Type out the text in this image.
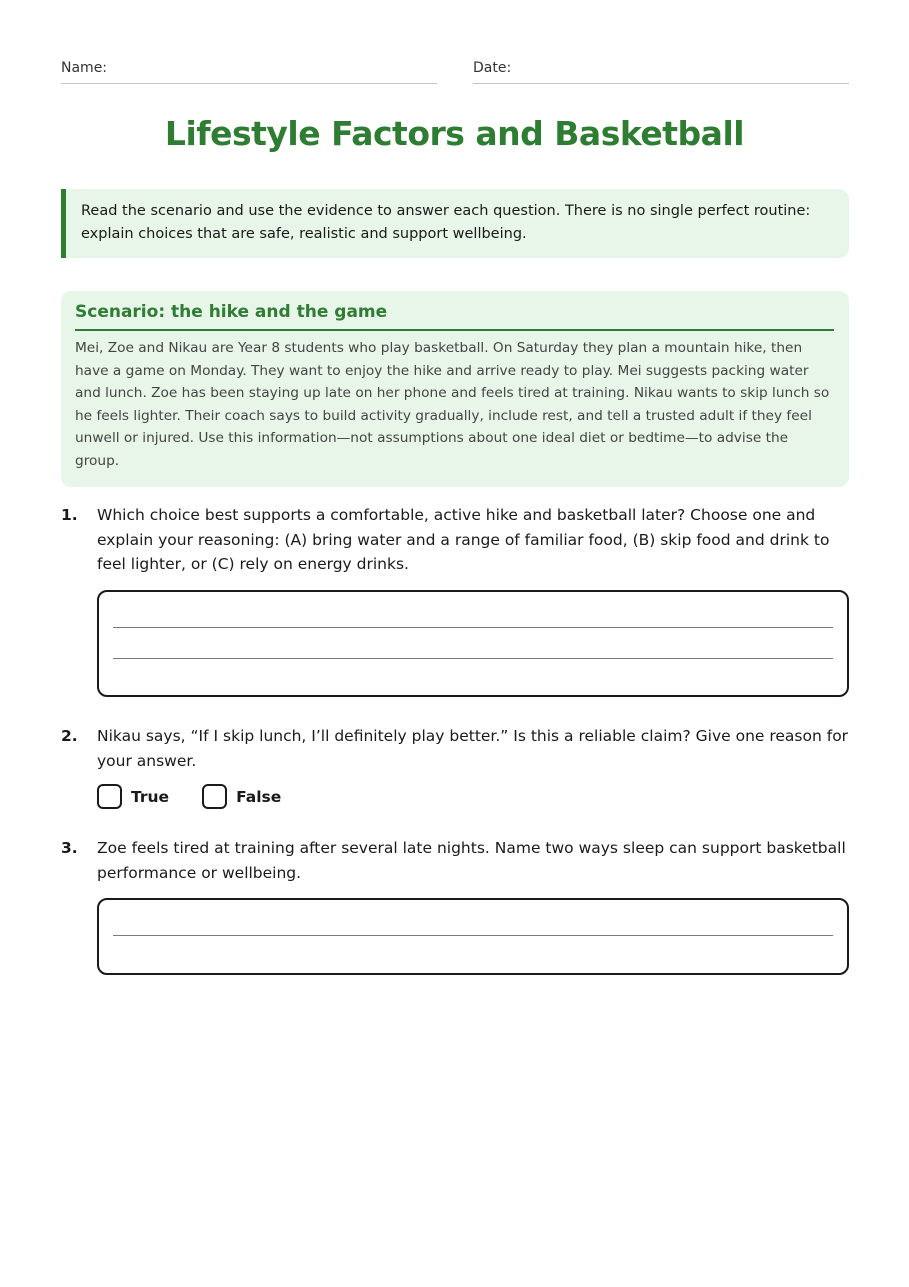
Name:	Date:
Lifestyle Factors and Basketball
Read the scenario and use the evidence to answer each question. There is no single perfect routine: explain choices that are safe, realistic and support wellbeing.
Scenario: the hike and the game
Mei, Zoe and Nikau are Year 8 students who play basketball. On Saturday they plan a mountain hike, then have a game on Monday. They want to enjoy the hike and arrive ready to play. Mei suggests packing water and lunch. Zoe has been staying up late on her phone and feels tired at training. Nikau wants to skip lunch so he feels lighter. Their coach says to build activity gradually, include rest, and tell a trusted adult if they feel unwell or injured. Use this information—not assumptions about one ideal diet or bedtime—to advise the group.
1. Which choice best supports a comfortable, active hike and basketball later? Choose one and explain your reasoning: (A) bring water and a range of familiar food, (B) skip food and drink to feel lighter, or (C) rely on energy drinks.
2. Nikau says, “If I skip lunch, I’ll definitely play better.” Is this a reliable claim? Give one reason for your answer.
True	False
3. Zoe feels tired at training after several late nights. Name two ways sleep can support basketball performance or wellbeing.
